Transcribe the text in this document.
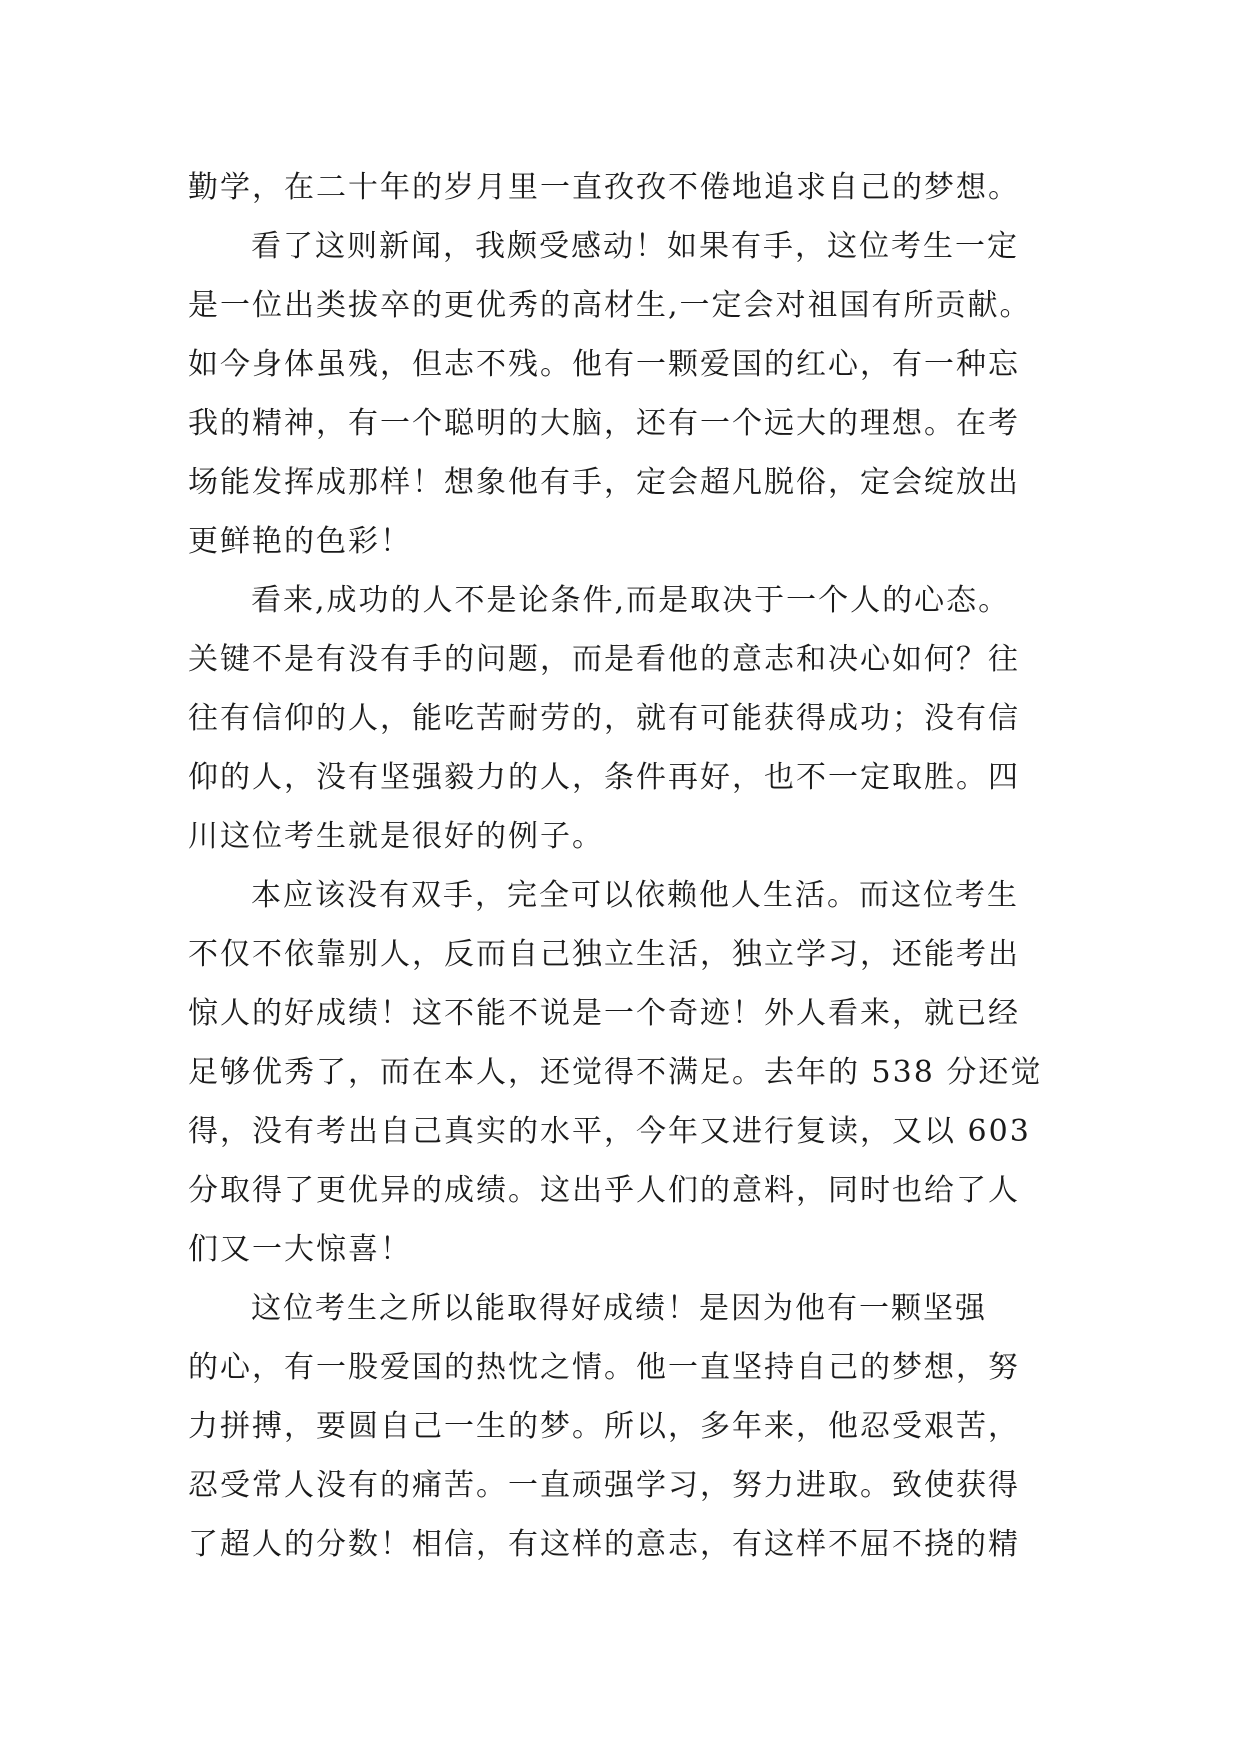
勤学，在二十年的岁月里一直孜孜不倦地追求自己的梦想。
看了这则新闻，我颇受感动！如果有手，这位考生一定
是一位出类拔卒的更优秀的高材生,一定会对祖国有所贡献。
如今身体虽残，但志不残。他有一颗爱国的红心，有一种忘
我的精神，有一个聪明的大脑，还有一个远大的理想。在考
场能发挥成那样！想象他有手，定会超凡脱俗，定会绽放出
更鲜艳的色彩！
看来,成功的人不是论条件,而是取决于一个人的心态。
关键不是有没有手的问题，而是看他的意志和决心如何？往
往有信仰的人，能吃苦耐劳的，就有可能获得成功；没有信
仰的人，没有坚强毅力的人，条件再好，也不一定取胜。四
川这位考生就是很好的例子。
本应该没有双手，完全可以依赖他人生活。而这位考生
不仅不依靠别人，反而自己独立生活，独立学习，还能考出
惊人的好成绩！这不能不说是一个奇迹！外人看来，就已经
足够优秀了，而在本人，还觉得不满足。去年的 538 分还觉
得，没有考出自己真实的水平，今年又进行复读，又以 603
分取得了更优异的成绩。这出乎人们的意料，同时也给了人
们又一大惊喜！
这位考生之所以能取得好成绩！是因为他有一颗坚强
的心，有一股爱国的热忱之情。他一直坚持自己的梦想，努
力拼搏，要圆自己一生的梦。所以，多年来，他忍受艰苦，
忍受常人没有的痛苦。一直顽强学习，努力进取。致使获得
了超人的分数！相信，有这样的意志，有这样不屈不挠的精
